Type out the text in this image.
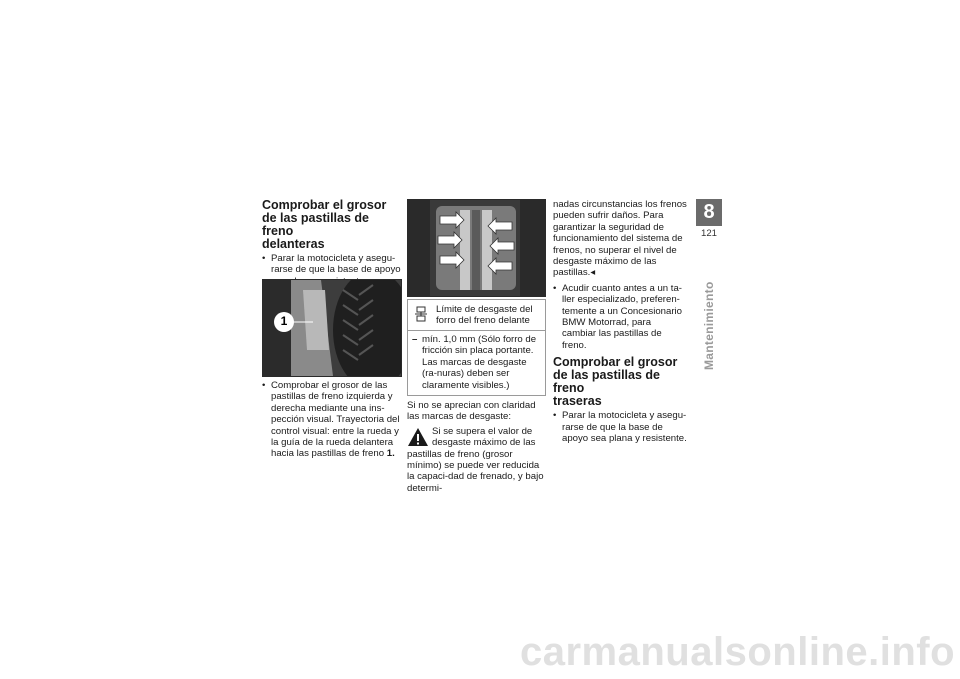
Comprobar el grosor
de las pastillas de freno
delanteras
• Parar la motocicleta y asegu-rarse de que la base de apoyo
1
• Comprobar el grosor de las pastillas de freno izquierda y derecha mediante una ins-pección visual. Trayectoria del control visual: entre la rueda y la guía de la rueda delantera hacia las pastillas de freno 1.
Límite de desgaste del forro del freno delante
– mín. 1,0 mm (Sólo forro de fricción sin placa portante. Las marcas de desgaste (ra-nuras) deben ser claramente visibles.)
Si no se aprecian con claridad las marcas de desgaste:
Si se supera el valor de
desgaste máximo de las
pastillas de freno (grosor mínimo) se puede ver reducida la capaci-dad de frenado, y bajo determi-
nadas circunstancias los frenos pueden sufrir daños. Para garantizar la seguridad de funcionamiento del sistema de frenos, no superar el nivel de desgaste máximo de las pastillas.◂
• Acudir cuanto antes a un ta-ller especializado, preferen-temente a un Concesionario BMW Motorrad, para cambiar las pastillas de freno.
Comprobar el grosor
de las pastillas de freno
traseras
• Parar la motocicleta y asegu-rarse de que la base de apoyo sea plana y resistente.
8
121
Mantenimiento
carmanualsonline.info
